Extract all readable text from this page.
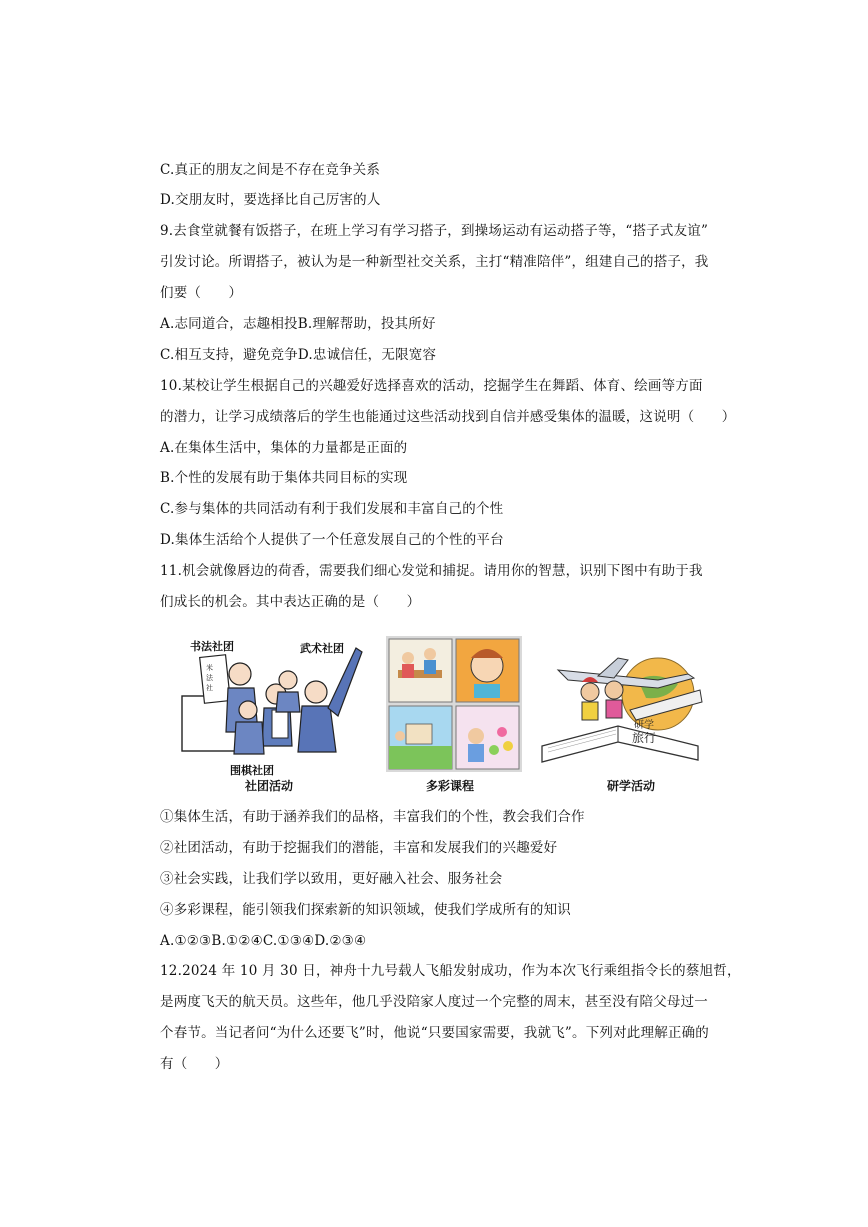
C.真正的朋友之间是不存在竞争关系
D.交朋友时，要选择比自己厉害的人
9.去食堂就餐有饭搭子，在班上学习有学习搭子，到操场运动有运动搭子等，“搭子式友谊”
引发讨论。所谓搭子，被认为是一种新型社交关系，主打“精准陪伴”，组建自己的搭子，我
们要（　　）
A.志同道合，志趣相投B.理解帮助，投其所好
C.相互支持，避免竞争D.忠诚信任，无限宽容
10.某校让学生根据自己的兴趣爱好选择喜欢的活动，挖掘学生在舞蹈、体育、绘画等方面
的潜力，让学习成绩落后的学生也能通过这些活动找到自信并感受集体的温暖，这说明（　　）
A.在集体生活中，集体的力量都是正面的
B.个性的发展有助于集体共同目标的实现
C.参与集体的共同活动有利于我们发展和丰富自己的个性
D.集体生活给个人提供了一个任意发展自己的个性的平台
11.机会就像唇边的荷香，需要我们细心发觉和捕捉。请用你的智慧，识别下图中有助于我
们成长的机会。其中表达正确的是（　　）
米
法
社
书法社团	武术社团
围棋社团
社团活动	多彩课程
研学
旅行
研学活动
①集体生活，有助于涵养我们的品格，丰富我们的个性，教会我们合作
②社团活动，有助于挖掘我们的潜能，丰富和发展我们的兴趣爱好
③社会实践，让我们学以致用，更好融入社会、服务社会
④多彩课程，能引领我们探索新的知识领域，使我们学成所有的知识
A.①②③B.①②④C.①③④D.②③④
12.2024 年 10 月 30 日，神舟十九号载人飞船发射成功，作为本次飞行乘组指令长的蔡旭哲，
是两度飞天的航天员。这些年，他几乎没陪家人度过一个完整的周末，甚至没有陪父母过一
个春节。当记者问“为什么还要飞”时，他说“只要国家需要，我就飞”。下列对此理解正确的
有（　　）
